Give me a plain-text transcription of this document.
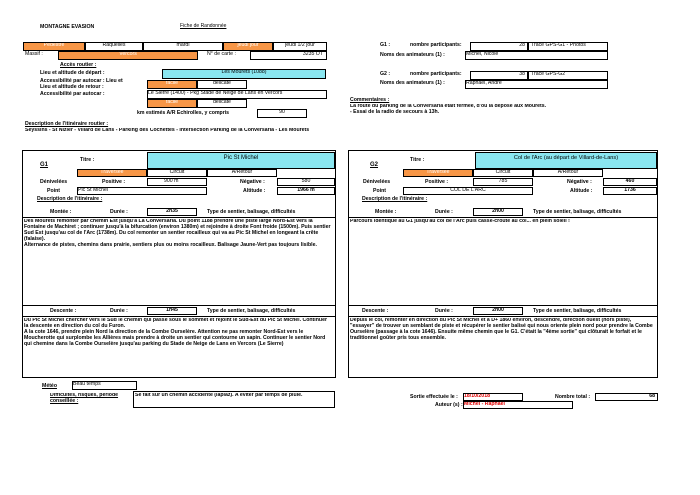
MONTAGNE EVASION	Fiche de Randonnée
Pédestre	Raquelles	mardi	jeudi jour	jeudi 1/2 jour
Massif :	Vercors	N° de carte :	3235 OT
Accès routier :
Lieu et altitude de départ :	Les Mourets (1088)
Accessibilité par autocar : Lieu et
Lieu et altitude de retour :
facile	délicate
Accessibilité par autocar :	Le Sierre (1400) - Pkg Stade de Neige de Lans en Vercors
facile	délicate
km estimés A/R Echirolles, y compris	90
Description de l'itinéraire routier :
Seyssins - St Nizier - Villard de Lans - Parking des Cochettes - Intersection Parking de la Conversaria - Les Mourets
G1 :	nombre participants:	28	Tracé GPS-G1 - Photos
Noms des animateurs (1) :	Michel, Nicole
G2 :	nombre participants:	38	Tracé GPS-G2
Noms des animateurs (1) :	Raphaël, André
Commentaires :
La route du parking de la Conversaria était fermée, d'où la dépose aux Mourets.
- Essai de la radio de secours à 13h.
G1
Titre :	Pic St Michel
Traversée	Circuit	A/Retour
Dénivelées	Positive :	900 m	Négative :	580
Point	Pic St Michel	Altitude :	1966 m
Description de l'itinéraire :
Montée :	Durée :	2h35	Type de sentier, balisage, difficultés
Des Mourets remonter par chemin Est jusqu'à La Conversaria. Du point 1188 prendre une piste large Nord-Est vers la Fontaine de Machiret ; continuer jusqu'à la bifurcation (environ 1380m) et rejoindre à droite Font froide (1500m). Puis sentier Sud Est jusqu'au col de l'Arc (1738m). Du col remonter un sentier rocailleux qui va au Pic St Michel en longeant la crête (falaise).
Alternance de pistes, chemins dans prairie, sentiers plus ou moins rocailleux. Balisage Jaune-Vert pas toujours lisible.
Descente :	Durée :	1h45	Type de sentier, balisage, difficultés
Du Pic St Michel chercher vers le Sud le chemin qui passe sous le sommet et rejoint le Sud-Est du Pic St Michel. Continuer la descente en direction du col du Furon.
A la cote 1646, prendre plein Nord la direction de la Combe Ourselère. Attention ne pas remonter Nord-Est vers le Moucherotte qui surplombe les Allières mais prendre à droite un sentier qui contourne un sapin. Continuer le sentier Nord qui chemine dans la Combe Ourselère jusqu'au parking du Stade de Neige de Lans en Vercors (Le Sierre)
G2
Titre :	Col de l'Arc (au départ de Villard-de-Lans)
Traversée	Circuit	A/Retour
Dénivelées	Positive :	785	Négative :	460
Point	COL DE L'ARC	Altitude :	1736
Description de l'itinéraire :
Montée :	Durée :	2h00	Type de sentier, balisage, difficultés
Parcours identique au G1 jusqu'au col de l'Arc puis casse-croûte au col... en plein soleil !
Descente :	Durée :	2h00	Type de sentier, balisage, difficultés
Depuis le col, remonter en direction du Pic St Michel et à D+ 1860 environ, descendre, direction ouest (hors piste), "essayer" de trouver un semblant de piste et récupérer le sentier balisé qui nous oriente plein nord pour prendre la Combe Ourselère (passage à la cote 1646). Ensuite même chemin que le G1. C'était la "4ème sortie" qui clôturait le forfait et le traditionnel goûter pris tous ensemble.
Météo	Beau temps
Difficultés, risques, période conseillée :
Se fait sur un chemin accidenté (lapiaz). A éviter par temps de pluie.	Sortie effectuée le : 18/10/2018	Nombre total :	68
Auteur (s) : Michel - Raphaël
